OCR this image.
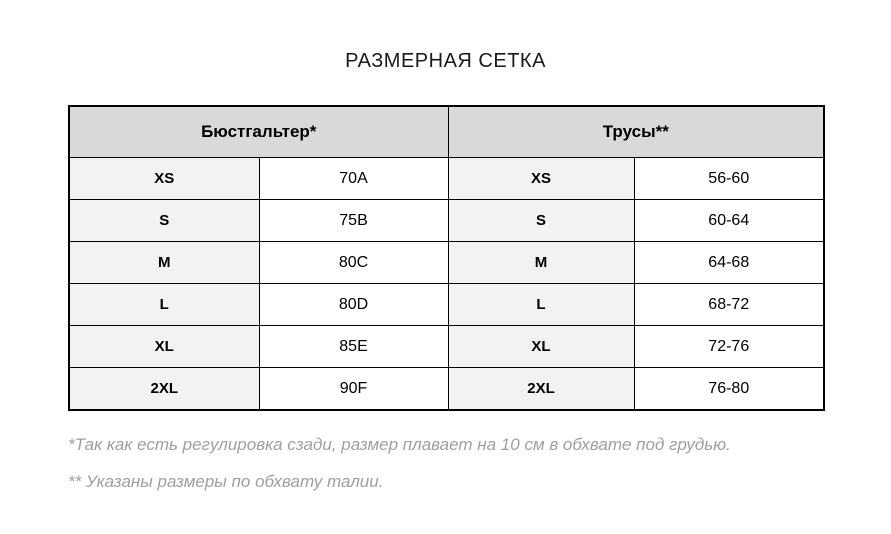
РАЗМЕРНАЯ СЕТКА
Бюстгальтер*		Трусы**	
XS	70A	XS	56-60
S	75B	S	60-64
M	80C	M	64-68
L	80D	L	68-72
XL	85E	XL	72-76
2XL	90F	2XL	76-80

*Так как есть регулировка сзади, размер плавает на 10 см в обхвате под грудью.

** Указаны размеры по обхвату талии.
